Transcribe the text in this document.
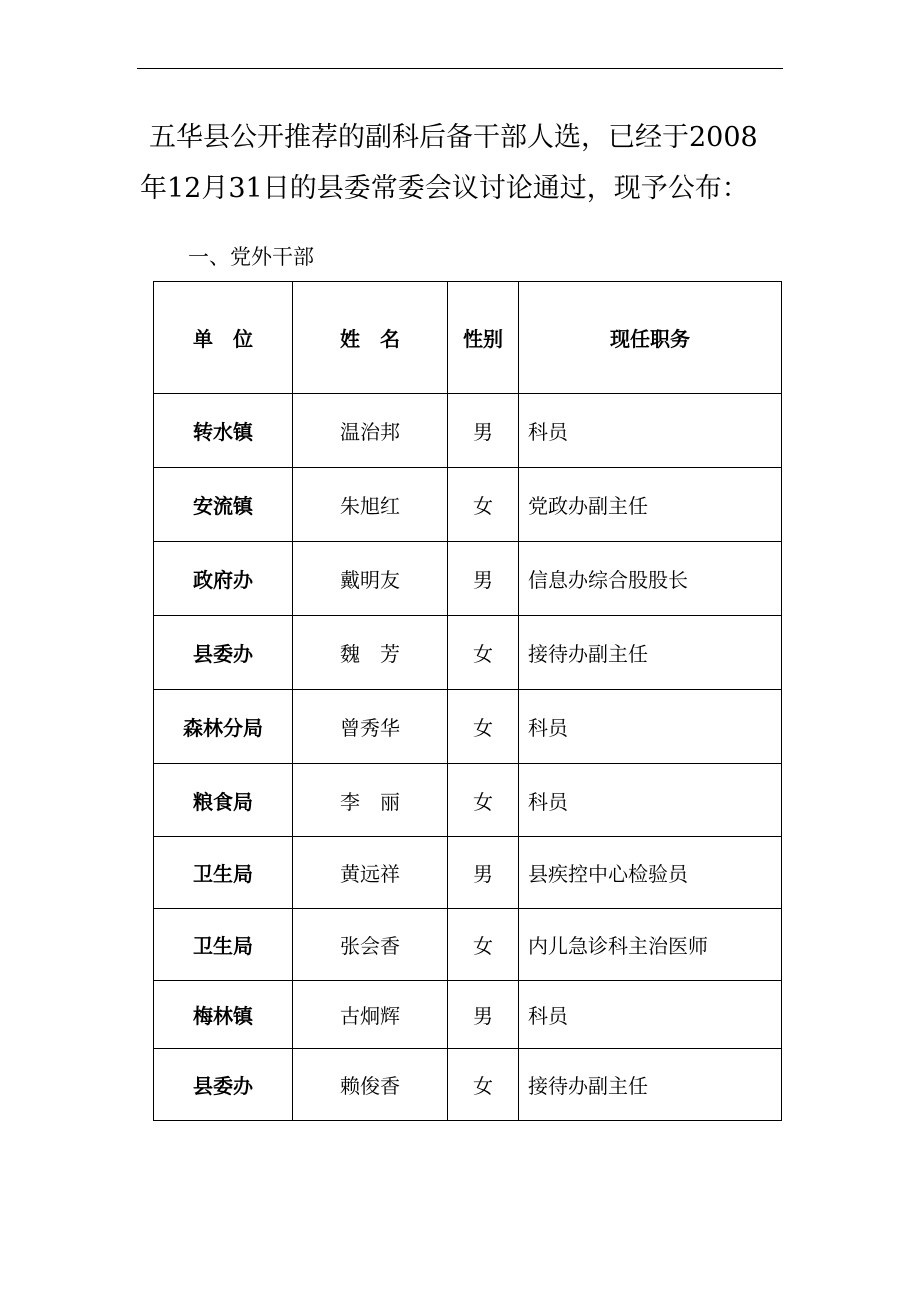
五华县公开推荐的副科后备干部人选，已经于2008
年12月31日的县委常委会议讨论通过，现予公布：

一、党外干部
单　位	姓　名	性别	现任职务
转水镇	温治邦	男	科员
安流镇	朱旭红	女	党政办副主任
政府办	戴明友	男	信息办综合股股长
县委办	魏　芳	女	接待办副主任
森林分局	曾秀华	女	科员
粮食局	李　丽	女	科员
卫生局	黄远祥	男	县疾控中心检验员
卫生局	张会香	女	内儿急诊科主治医师
梅林镇	古炯辉	男	科员
县委办	赖俊香	女	接待办副主任
